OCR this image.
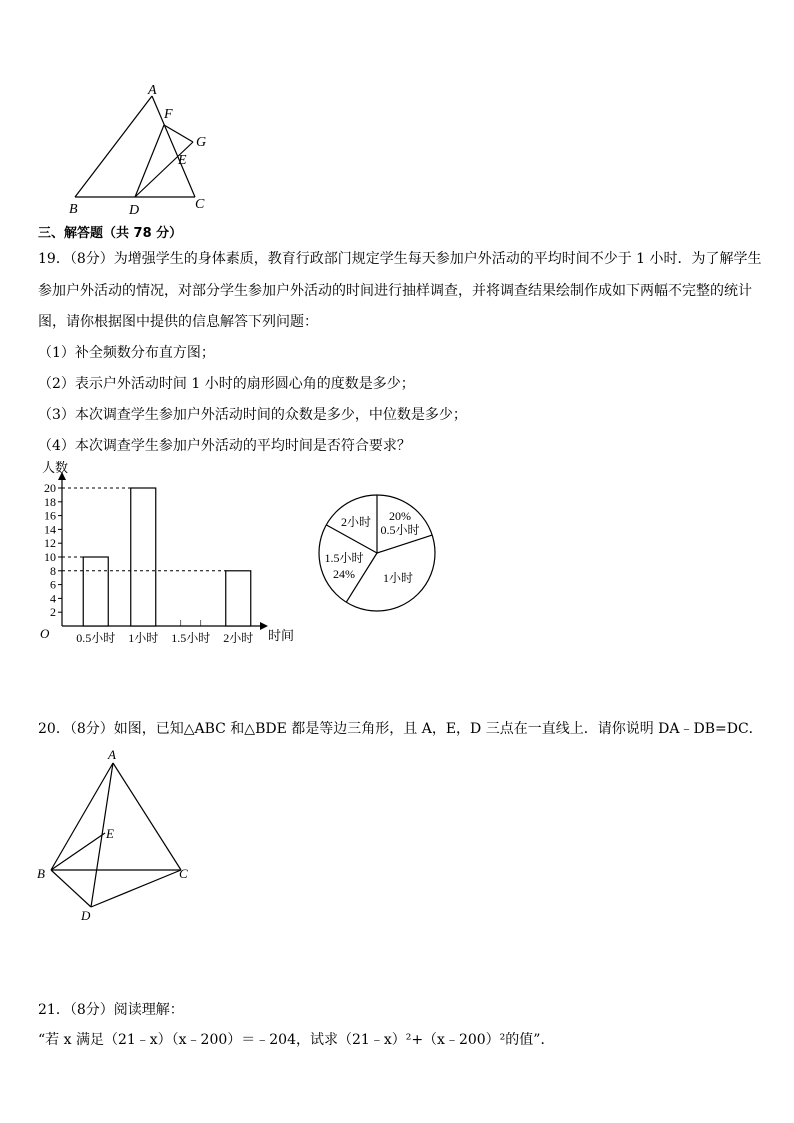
A
F
G
E
B	D	C
三、解答题（共 78 分）
19．（8分）为增强学生的身体素质，教育行政部门规定学生每天参加户外活动的平均时间不少于 1 小时．为了解学生
参加户外活动的情况，对部分学生参加户外活动的时间进行抽样调查，并将调查结果绘制作成如下两幅不完整的统计
图，请你根据图中提供的信息解答下列问题：
（1）补全频数分布直方图；
（2）表示户外活动时间 1 小时的扇形圆心角的度数是多少；
（3）本次调查学生参加户外活动时间的众数是多少，中位数是多少；
（4）本次调查学生参加户外活动的平均时间是否符合要求？
人数
时间
O
2
4
6
8
10
12
14
16
18
20
0.5小时 1小时 1.5小时 2小时
20%
0.5小时
1小时
1.5小时
24%
2小时
20．（8分）如图，已知△ABC 和△BDE 都是等边三角形，且 A，E，D 三点在一直线上．请你说明 DA﹣DB=DC．
A
E
B	C
D
21．（8分）阅读理解：
“若 x 满足（21﹣x）（x﹣200）＝﹣204，试求（21﹣x）²+（x﹣200）²的值”．
